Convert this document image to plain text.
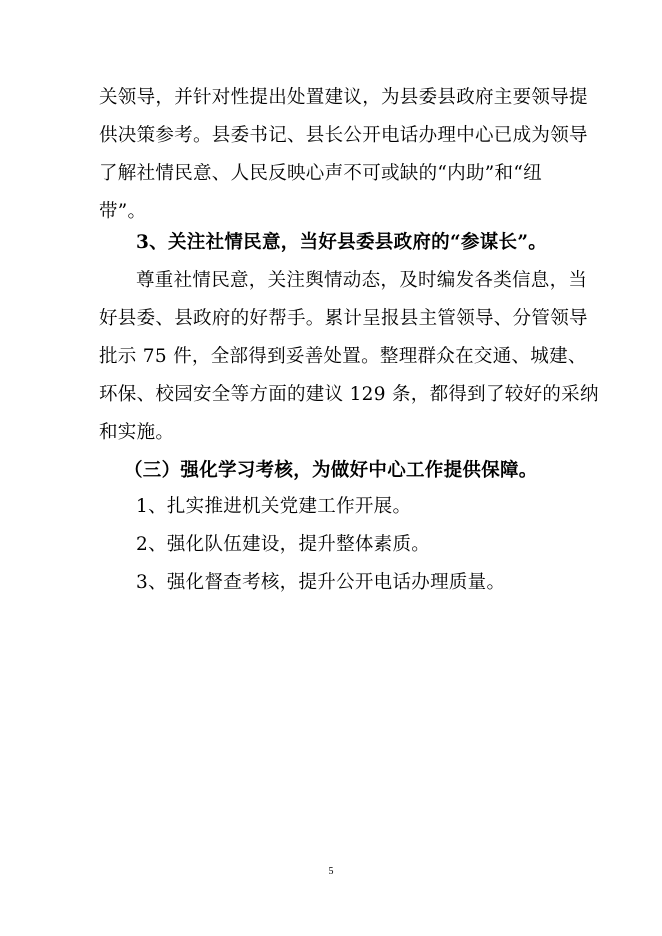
关领导，并针对性提出处置建议，为县委县政府主要领导提
供决策参考。县委书记、县长公开电话办理中心已成为领导
了解社情民意、人民反映心声不可或缺的“内助”和“纽
带”。
3、关注社情民意，当好县委县政府的“参谋长”。
尊重社情民意，关注舆情动态，及时编发各类信息，当
好县委、县政府的好帮手。累计呈报县主管领导、分管领导
批示 75 件，全部得到妥善处置。整理群众在交通、城建、
环保、校园安全等方面的建议 129 条，都得到了较好的采纳
和实施。
（三）强化学习考核，为做好中心工作提供保障。
1、扎实推进机关党建工作开展。
2、强化队伍建设，提升整体素质。
3、强化督查考核，提升公开电话办理质量。
5
